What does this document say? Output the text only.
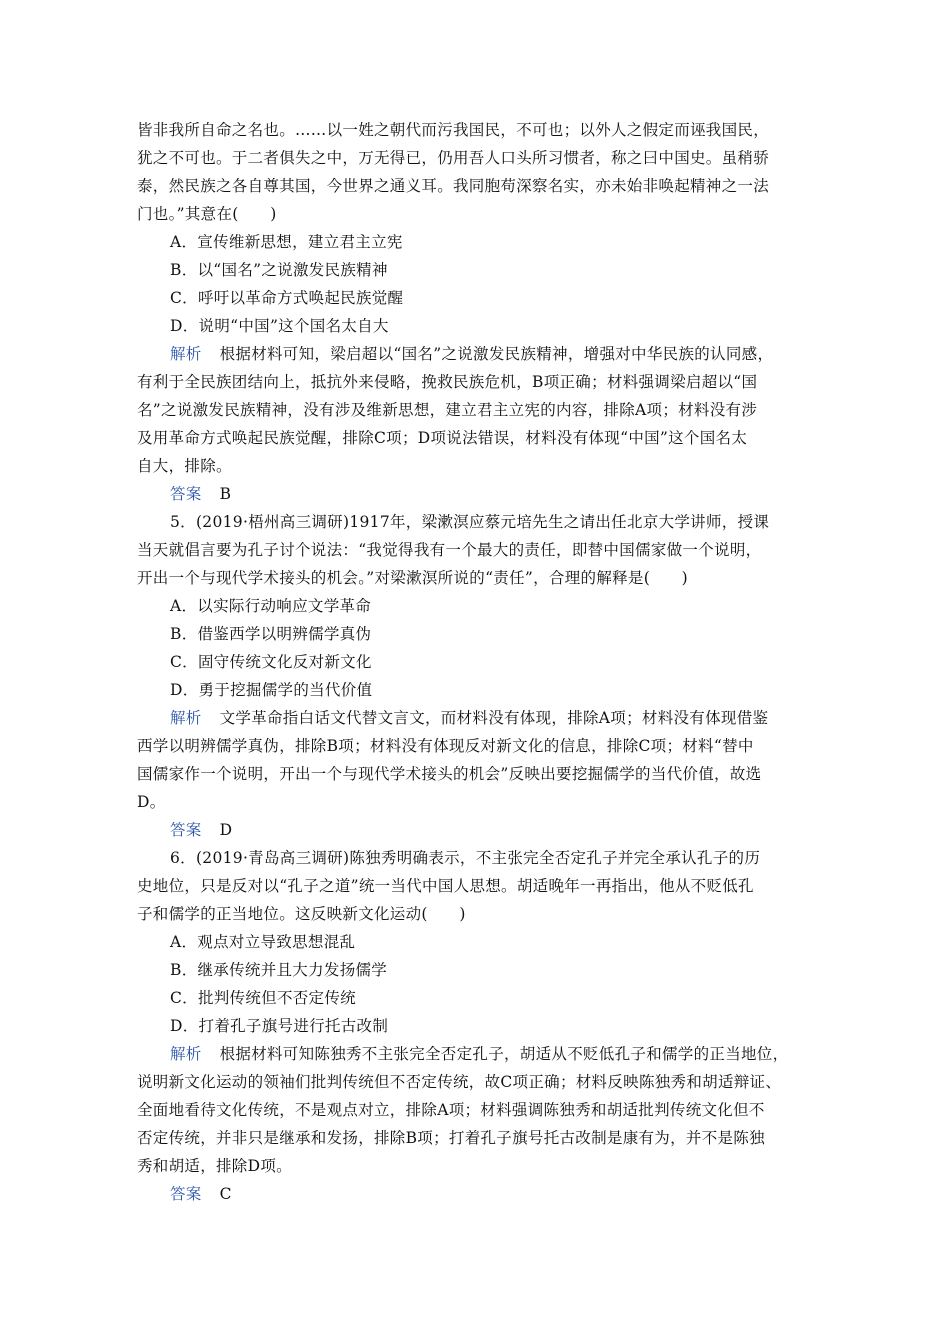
皆非我所自命之名也。……以一姓之朝代而污我国民，不可也；以外人之假定而诬我国民，
犹之不可也。于二者俱失之中，万无得已，仍用吾人口头所习惯者，称之曰中国史。虽稍骄
泰，然民族之各自尊其国，今世界之通义耳。我同胞苟深察名实，亦未始非唤起精神之一法
门也。”其意在(　　)
A．宣传维新思想，建立君主立宪
B．以“国名”之说激发民族精神
C．呼吁以革命方式唤起民族觉醒
D．说明“中国”这个国名太自大
解析 根据材料可知，梁启超以“国名”之说激发民族精神，增强对中华民族的认同感，
有利于全民族团结向上，抵抗外来侵略，挽救民族危机，B项正确；材料强调梁启超以“国
名”之说激发民族精神，没有涉及维新思想，建立君主立宪的内容，排除A项；材料没有涉
及用革命方式唤起民族觉醒，排除C项；D项说法错误，材料没有体现“中国”这个国名太
自大，排除。
答案 B
5．(2019·梧州高三调研)1917年，梁漱溟应蔡元培先生之请出任北京大学讲师，授课
当天就倡言要为孔子讨个说法：“我觉得我有一个最大的责任，即替中国儒家做一个说明，
开出一个与现代学术接头的机会。”对梁漱溟所说的“责任”，合理的解释是(　　)
A．以实际行动响应文学革命
B．借鉴西学以明辨儒学真伪
C．固守传统文化反对新文化
D．勇于挖掘儒学的当代价值
解析 文学革命指白话文代替文言文，而材料没有体现，排除A项；材料没有体现借鉴
西学以明辨儒学真伪，排除B项；材料没有体现反对新文化的信息，排除C项；材料“替中
国儒家作一个说明，开出一个与现代学术接头的机会”反映出要挖掘儒学的当代价值，故选
D。
答案 D
6．(2019·青岛高三调研)陈独秀明确表示，不主张完全否定孔子并完全承认孔子的历
史地位，只是反对以“孔子之道”统一当代中国人思想。胡适晚年一再指出，他从不贬低孔
子和儒学的正当地位。这反映新文化运动(　　)
A．观点对立导致思想混乱
B．继承传统并且大力发扬儒学
C．批判传统但不否定传统
D．打着孔子旗号进行托古改制
解析 根据材料可知陈独秀不主张完全否定孔子，胡适从不贬低孔子和儒学的正当地位，
说明新文化运动的领袖们批判传统但不否定传统，故C项正确；材料反映陈独秀和胡适辩证、
全面地看待文化传统，不是观点对立，排除A项；材料强调陈独秀和胡适批判传统文化但不
否定传统，并非只是继承和发扬，排除B项；打着孔子旗号托古改制是康有为，并不是陈独
秀和胡适，排除D项。
答案 C
